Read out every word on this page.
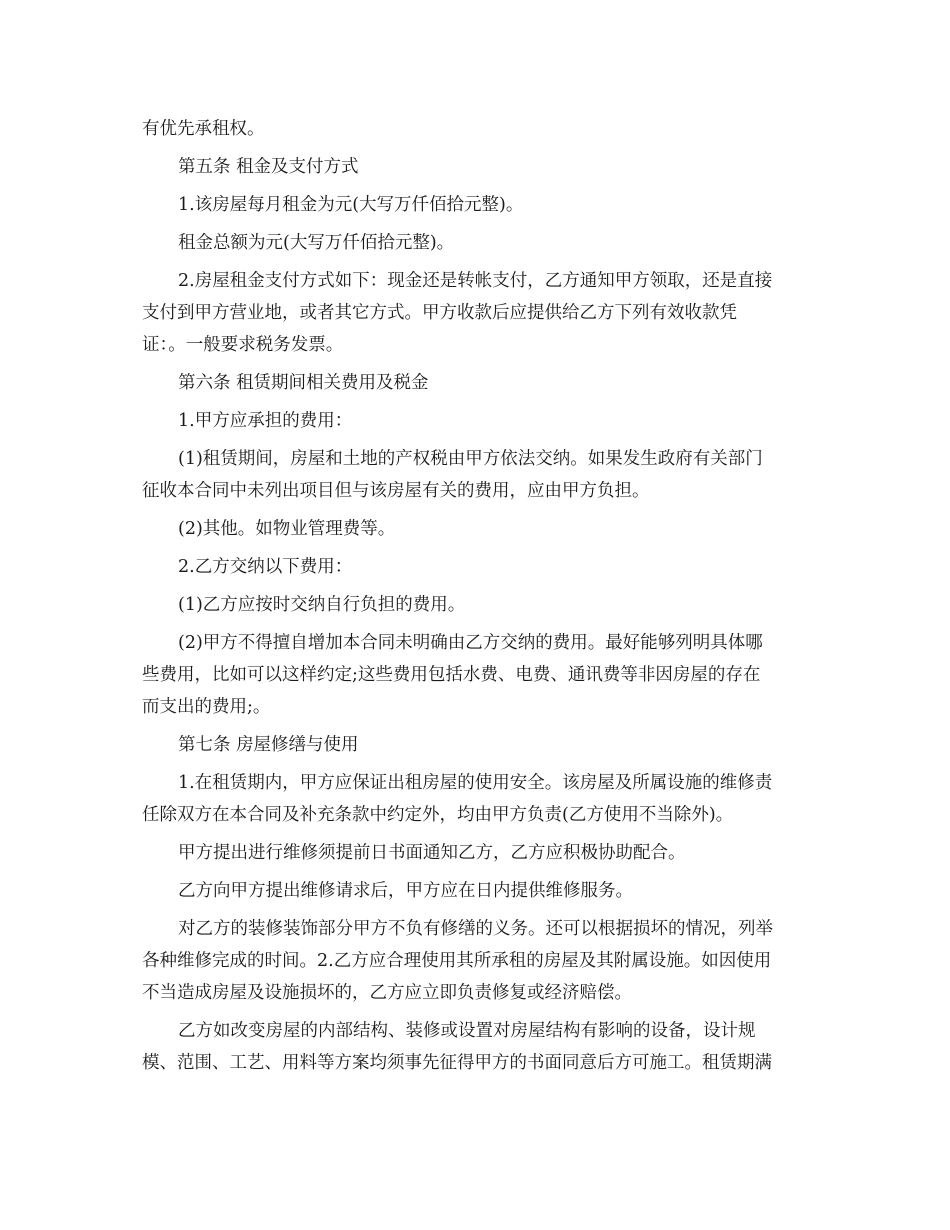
有优先承租权。
第五条 租金及支付方式
1.该房屋每月租金为元(大写万仟佰拾元整)。
租金总额为元(大写万仟佰拾元整)。
2.房屋租金支付方式如下：现金还是转帐支付，乙方通知甲方领取，还是直接
支付到甲方营业地，或者其它方式。甲方收款后应提供给乙方下列有效收款凭
证：。一般要求税务发票。
第六条 租赁期间相关费用及税金
1.甲方应承担的费用：
(1)租赁期间，房屋和土地的产权税由甲方依法交纳。如果发生政府有关部门
征收本合同中未列出项目但与该房屋有关的费用，应由甲方负担。
(2)其他。如物业管理费等。
2.乙方交纳以下费用：
(1)乙方应按时交纳自行负担的费用。
(2)甲方不得擅自增加本合同未明确由乙方交纳的费用。最好能够列明具体哪
些费用，比如可以这样约定;这些费用包括水费、电费、通讯费等非因房屋的存在
而支出的费用;。
第七条 房屋修缮与使用
1.在租赁期内，甲方应保证出租房屋的使用安全。该房屋及所属设施的维修责
任除双方在本合同及补充条款中约定外，均由甲方负责(乙方使用不当除外)。
甲方提出进行维修须提前日书面通知乙方，乙方应积极协助配合。
乙方向甲方提出维修请求后，甲方应在日内提供维修服务。
对乙方的装修装饰部分甲方不负有修缮的义务。还可以根据损坏的情况，列举
各种维修完成的时间。2.乙方应合理使用其所承租的房屋及其附属设施。如因使用
不当造成房屋及设施损坏的，乙方应立即负责修复或经济赔偿。
乙方如改变房屋的内部结构、装修或设置对房屋结构有影响的设备，设计规
模、范围、工艺、用料等方案均须事先征得甲方的书面同意后方可施工。租赁期满
